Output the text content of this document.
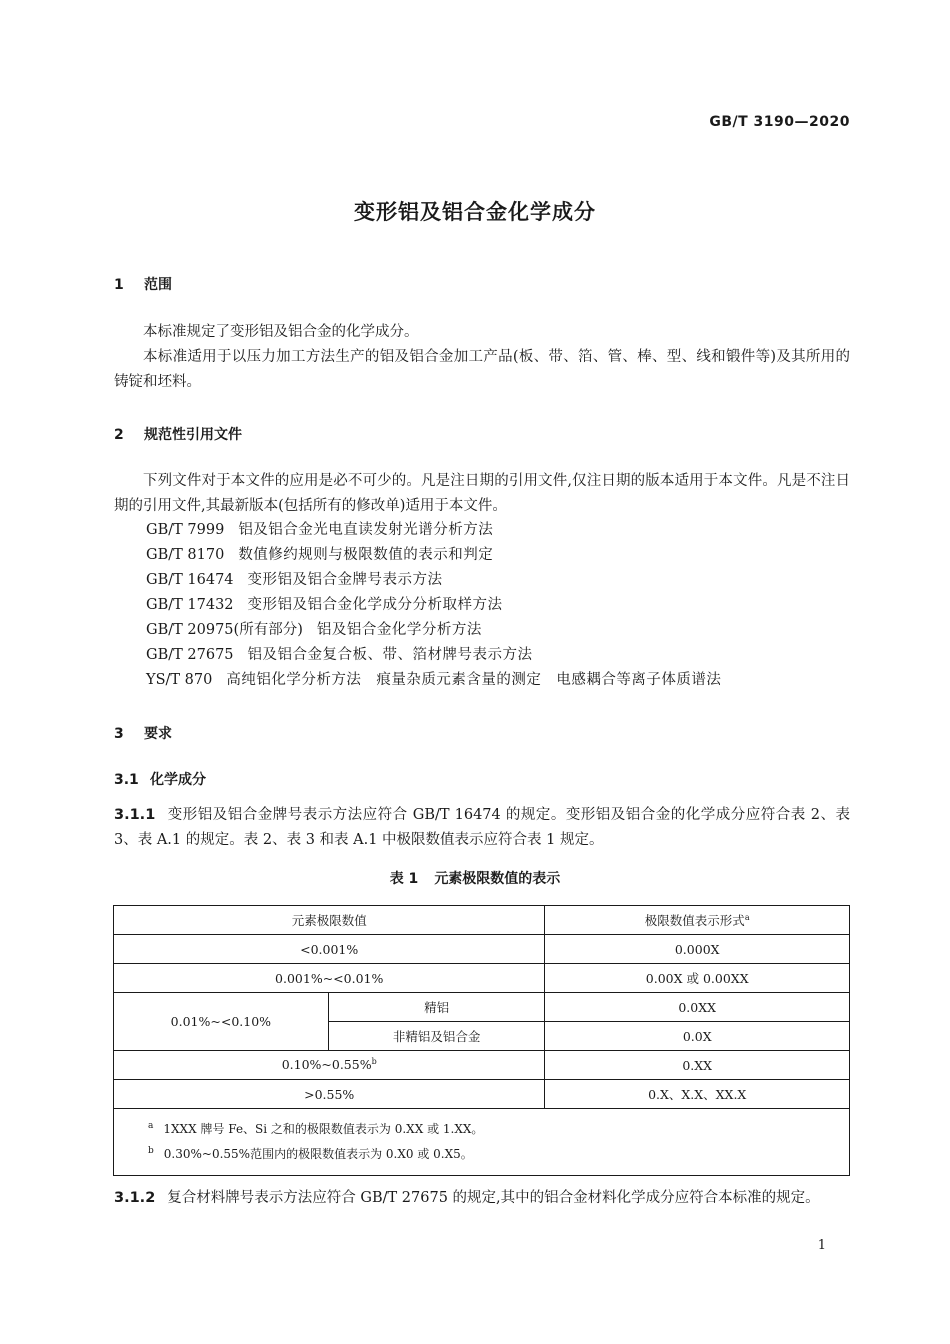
GB/T 3190—2020
变形铝及铝合金化学成分
1 范围
本标准规定了变形铝及铝合金的化学成分。
本标准适用于以压力加工方法生产的铝及铝合金加工产品(板、带、箔、管、棒、型、线和锻件等)及其所用的铸锭和坯料。
2 规范性引用文件
下列文件对于本文件的应用是必不可少的。凡是注日期的引用文件,仅注日期的版本适用于本文件。凡是不注日期的引用文件,其最新版本(包括所有的修改单)适用于本文件。
GB/T 7999 铝及铝合金光电直读发射光谱分析方法
GB/T 8170 数值修约规则与极限数值的表示和判定
GB/T 16474 变形铝及铝合金牌号表示方法
GB/T 17432 变形铝及铝合金化学成分分析取样方法
GB/T 20975(所有部分) 铝及铝合金化学分析方法
GB/T 27675 铝及铝合金复合板、带、箔材牌号表示方法
YS/T 870 高纯铝化学分析方法　痕量杂质元素含量的测定　电感耦合等离子体质谱法
3 要求
3.1 化学成分
3.1.1 变形铝及铝合金牌号表示方法应符合 GB/T 16474 的规定。变形铝及铝合金的化学成分应符合表 2、表 3、表 A.1 的规定。表 2、表 3 和表 A.1 中极限数值表示应符合表 1 规定。
表 1 元素极限数值的表示
元素极限数值		极限数值表示形式$^a$
<0.001%		0.000X
0.001%~<0.01%		0.00X 或 0.00XX
0.01%~<0.10%	精铝	0.0XX
	非精铝及铝合金	0.0X
0.10%~0.55%$^b$		0.XX
>0.55%		0.X、X.X、XX.X

$^a$ 1XXX 牌号 Fe、Si 之和的极限数值表示为 0.XX 或 1.XX。
$^b$ 0.30%~0.55%范围内的极限数值表示为 0.X0 或 0.X5。		
3.1.2 复合材料牌号表示方法应符合 GB/T 27675 的规定,其中的铝合金材料化学成分应符合本标准的规定。
1
